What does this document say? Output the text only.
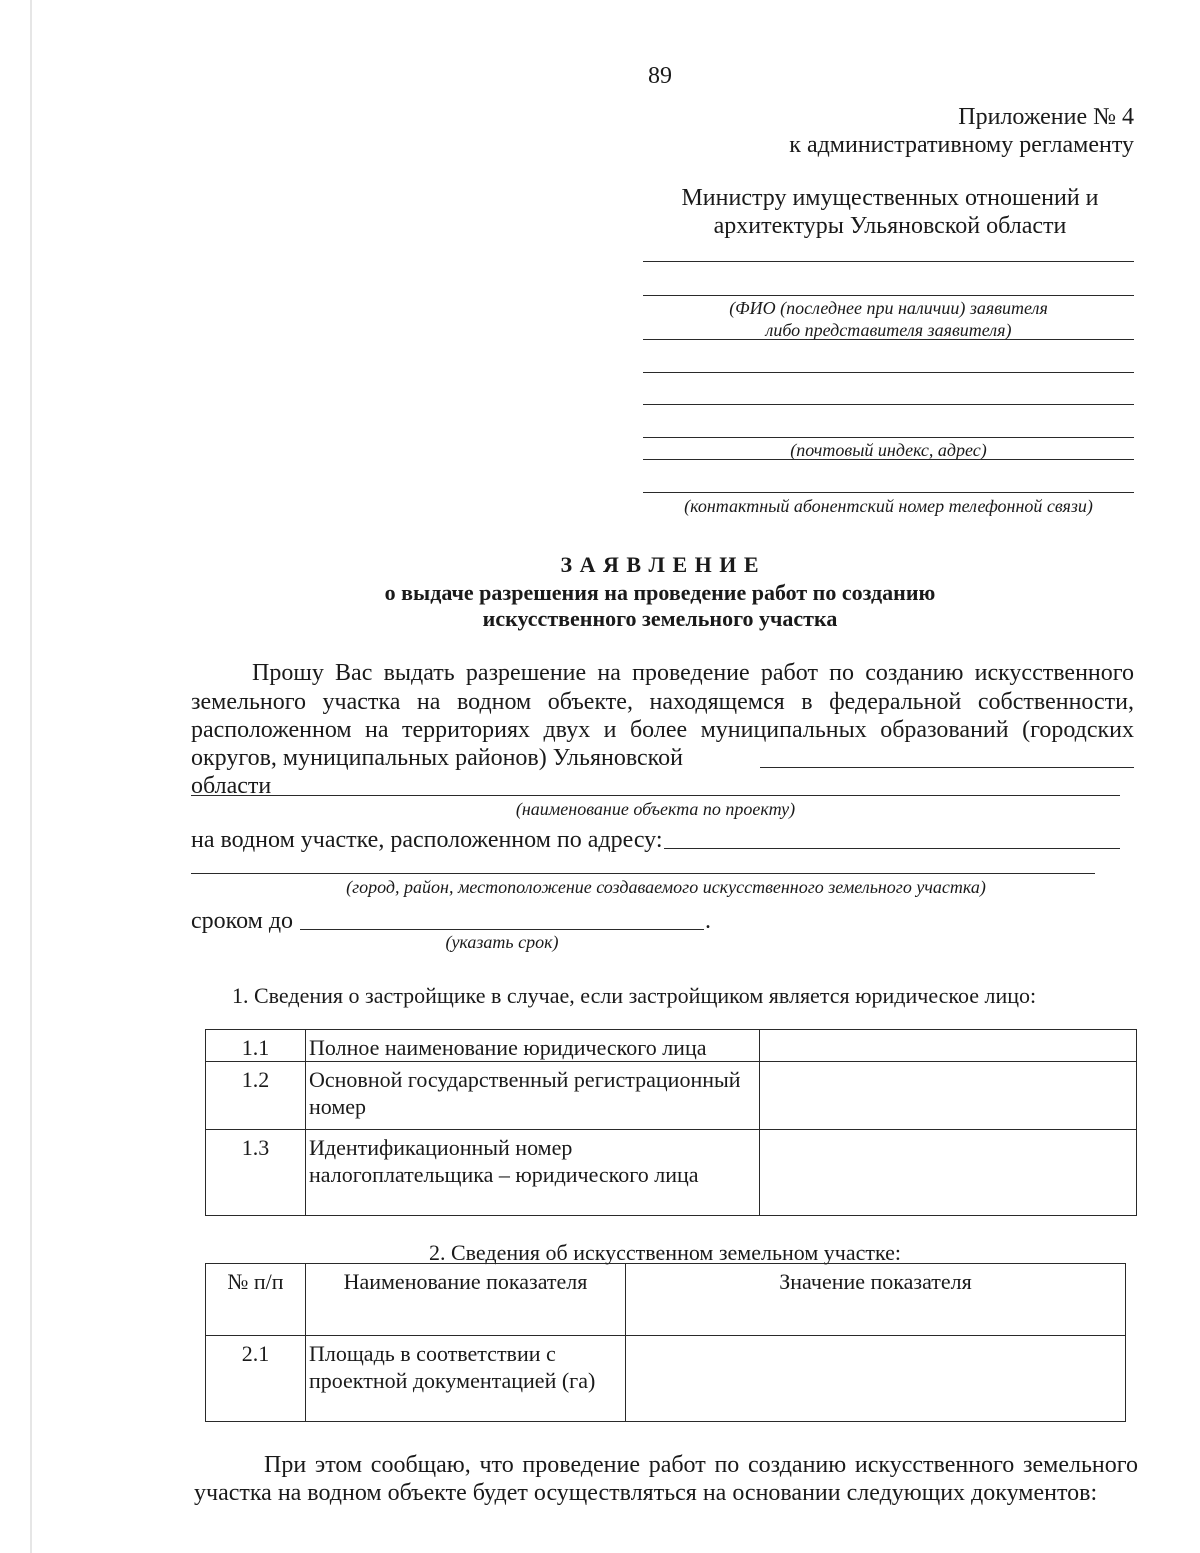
89
Приложение № 4
к административному регламенту
Министру имущественных отношений и
архитектуры Ульяновской области
(ФИО (последнее при наличии) заявителя
либо представителя заявителя)
(почтовый индекс, адрес)
(контактный абонентский номер телефонной связи)
З А Я В Л Е Н И Е
о выдаче разрешения на проведение работ по созданию
искусственного земельного участка
Прошу Вас выдать разрешение на проведение работ по созданию искусственного
земельного участка на водном объекте, находящемся в федеральной собственности,
расположенном на территориях двух и более муниципальных образований (городских
округов, муниципальных районов) Ульяновской области
(наименование объекта по проекту)
на водном участке, расположенном по адресу:
(город, район, местоположение создаваемого искусственного земельного участка)
сроком до	.
(указать срок)
1. Сведения о застройщике в случае, если застройщиком является юридическое лицо:
1.1	Полное наименование юридического лица	
1.2	Основной государственный регистрационный номер	
1.3	Идентификационный номер налогоплательщика – юридического лица	
2. Сведения об искусственном земельном участке:
№ п/п	Наименование показателя	Значение показателя
2.1	Площадь в соответствии с проектной документацией (га)	
При этом сообщаю, что проведение работ по созданию искусственного земельного
участка на водном объекте будет осуществляться на основании следующих документов:
